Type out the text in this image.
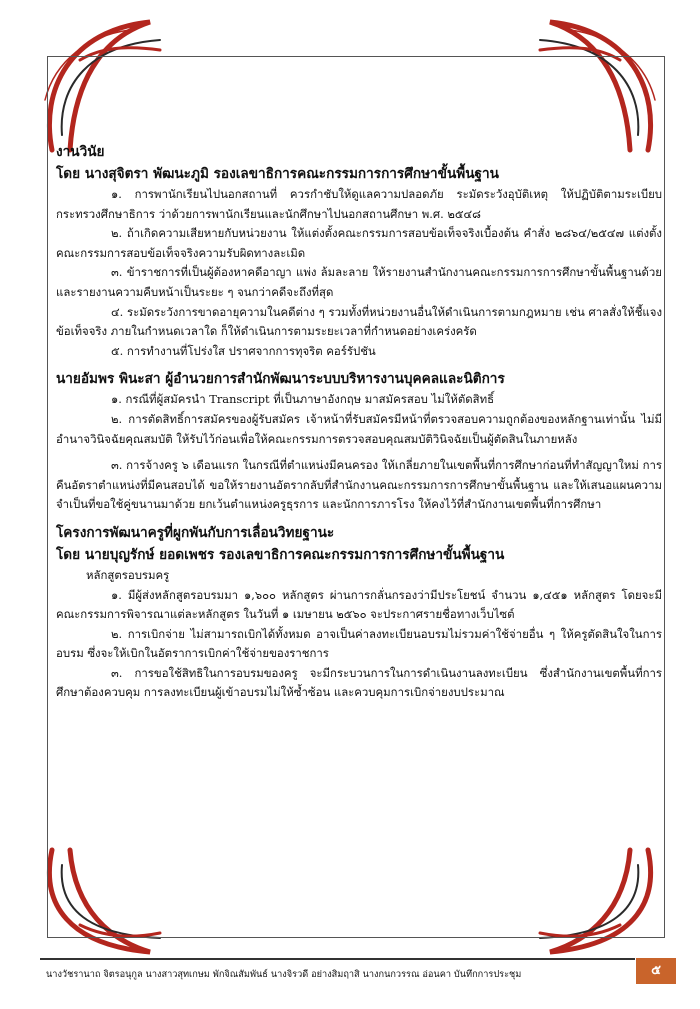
งานวินัย

โดย นางสุจิตรา พัฒนะภูมิ รองเลขาธิการคณะกรรมการการศึกษาขั้นพื้นฐาน

๑. การพานักเรียนไปนอกสถานที่ ควรกำชับให้ดูแลความปลอดภัย ระมัดระวังอุบัติเหตุ ให้ปฏิบัติตามระเบียบกระทรวงศึกษาธิการ ว่าด้วยการพานักเรียนและนักศึกษาไปนอกสถานศึกษา พ.ศ. ๒๕๔๘

๒. ถ้าเกิดความเสียหายกับหน่วยงาน ให้แต่งตั้งคณะกรรมการสอบข้อเท็จจริงเบื้องต้น คำสั่ง ๒๘๖๔/๒๕๔๗ แต่งตั้งคณะกรรมการสอบข้อเท็จจริงความรับผิดทางละเมิด

๓. ข้าราชการที่เป็นผู้ต้องหาคดีอาญา แพ่ง ล้มละลาย ให้รายงานสำนักงานคณะกรรมการการศึกษาขั้นพื้นฐานด้วย และรายงานความคืบหน้าเป็นระยะ ๆ จนกว่าคดีจะถึงที่สุด

๔. ระมัดระวังการขาดอายุความในคดีต่าง ๆ รวมทั้งที่หน่วยงานอื่นให้ดำเนินการตามกฎหมาย เช่น ศาลสั่งให้ชี้แจงข้อเท็จจริง ภายในกำหนดเวลาใด ก็ให้ดำเนินการตามระยะเวลาที่กำหนดอย่างเคร่งครัด

๕. การทำงานที่โปร่งใส ปราศจากการทุจริต คอร์รัปชัน

นายอัมพร พินะสา ผู้อำนวยการสำนักพัฒนาระบบบริหารงานบุคคลและนิติการ

๑. กรณีที่ผู้สมัครนำ Transcript ที่เป็นภาษาอังกฤษ มาสมัครสอบ ไม่ให้ตัดสิทธิ์

๒. การตัดสิทธิ์การสมัครของผู้รับสมัคร เจ้าหน้าที่รับสมัครมีหน้าที่ตรวจสอบความถูกต้องของหลักฐานเท่านั้น ไม่มีอำนาจวินิจฉัยคุณสมบัติ ให้รับไว้ก่อนเพื่อให้คณะกรรมการตรวจสอบคุณสมบัติวินิจฉัยเป็นผู้ตัดสินในภายหลัง

๓. การจ้างครู ๖ เดือนแรก ในกรณีที่ตำแหน่งมีคนครอง ให้เกลี่ยภายในเขตพื้นที่การศึกษาก่อนที่ทำสัญญาใหม่ การคืนอัตราตำแหน่งที่มีคนสอบได้ ขอให้รายงานอัตรากลับที่สำนักงานคณะกรรมการการศึกษาขั้นพื้นฐาน และให้เสนอแผนความจำเป็นที่ขอใช้คู่ขนานมาด้วย ยกเว้นตำแหน่งครูธุรการ และนักการภารโรง ให้คงไว้ที่สำนักงานเขตพื้นที่การศึกษา

โครงการพัฒนาครูที่ผูกพันกับการเลื่อนวิทยฐานะ

โดย นายบุญรักษ์ ยอดเพชร รองเลขาธิการคณะกรรมการการศึกษาขั้นพื้นฐาน

หลักสูตรอบรมครู

๑. มีผู้ส่งหลักสูตรอบรมมา ๑,๖๐๐ หลักสูตร ผ่านการกลั่นกรองว่ามีประโยชน์ จำนวน ๑,๔๕๑ หลักสูตร โดยจะมีคณะกรรมการพิจารณาแต่ละหลักสูตร ในวันที่ ๑ เมษายน ๒๕๖๐ จะประกาศรายชื่อทางเว็บไซต์

๒. การเบิกจ่าย ไม่สามารถเบิกได้ทั้งหมด อาจเป็นค่าลงทะเบียนอบรมไม่รวมค่าใช้จ่ายอื่น ๆ ให้ครูตัดสินใจในการอบรม ซึ่งจะให้เบิกในอัตราการเบิกค่าใช้จ่ายของราชการ

๓. การขอใช้สิทธิในการอบรมของครู จะมีกระบวนการในการดำเนินงานลงทะเบียน ซึ่งสำนักงานเขตพื้นที่การศึกษาต้องควบคุม การลงทะเบียนผู้เข้าอบรมไม่ให้ซ้ำซ้อน และควบคุมการเบิกจ่ายงบประมาณ

นางวัชรานาถ จิตรอนุกูล นางสาวสุทเกษม พักจิณสัมพันธ์ นางจิรวดี อย่างสิมฤาสิ นางกนกวรรณ อ่อนคา บันทึกการประชุม	๕
